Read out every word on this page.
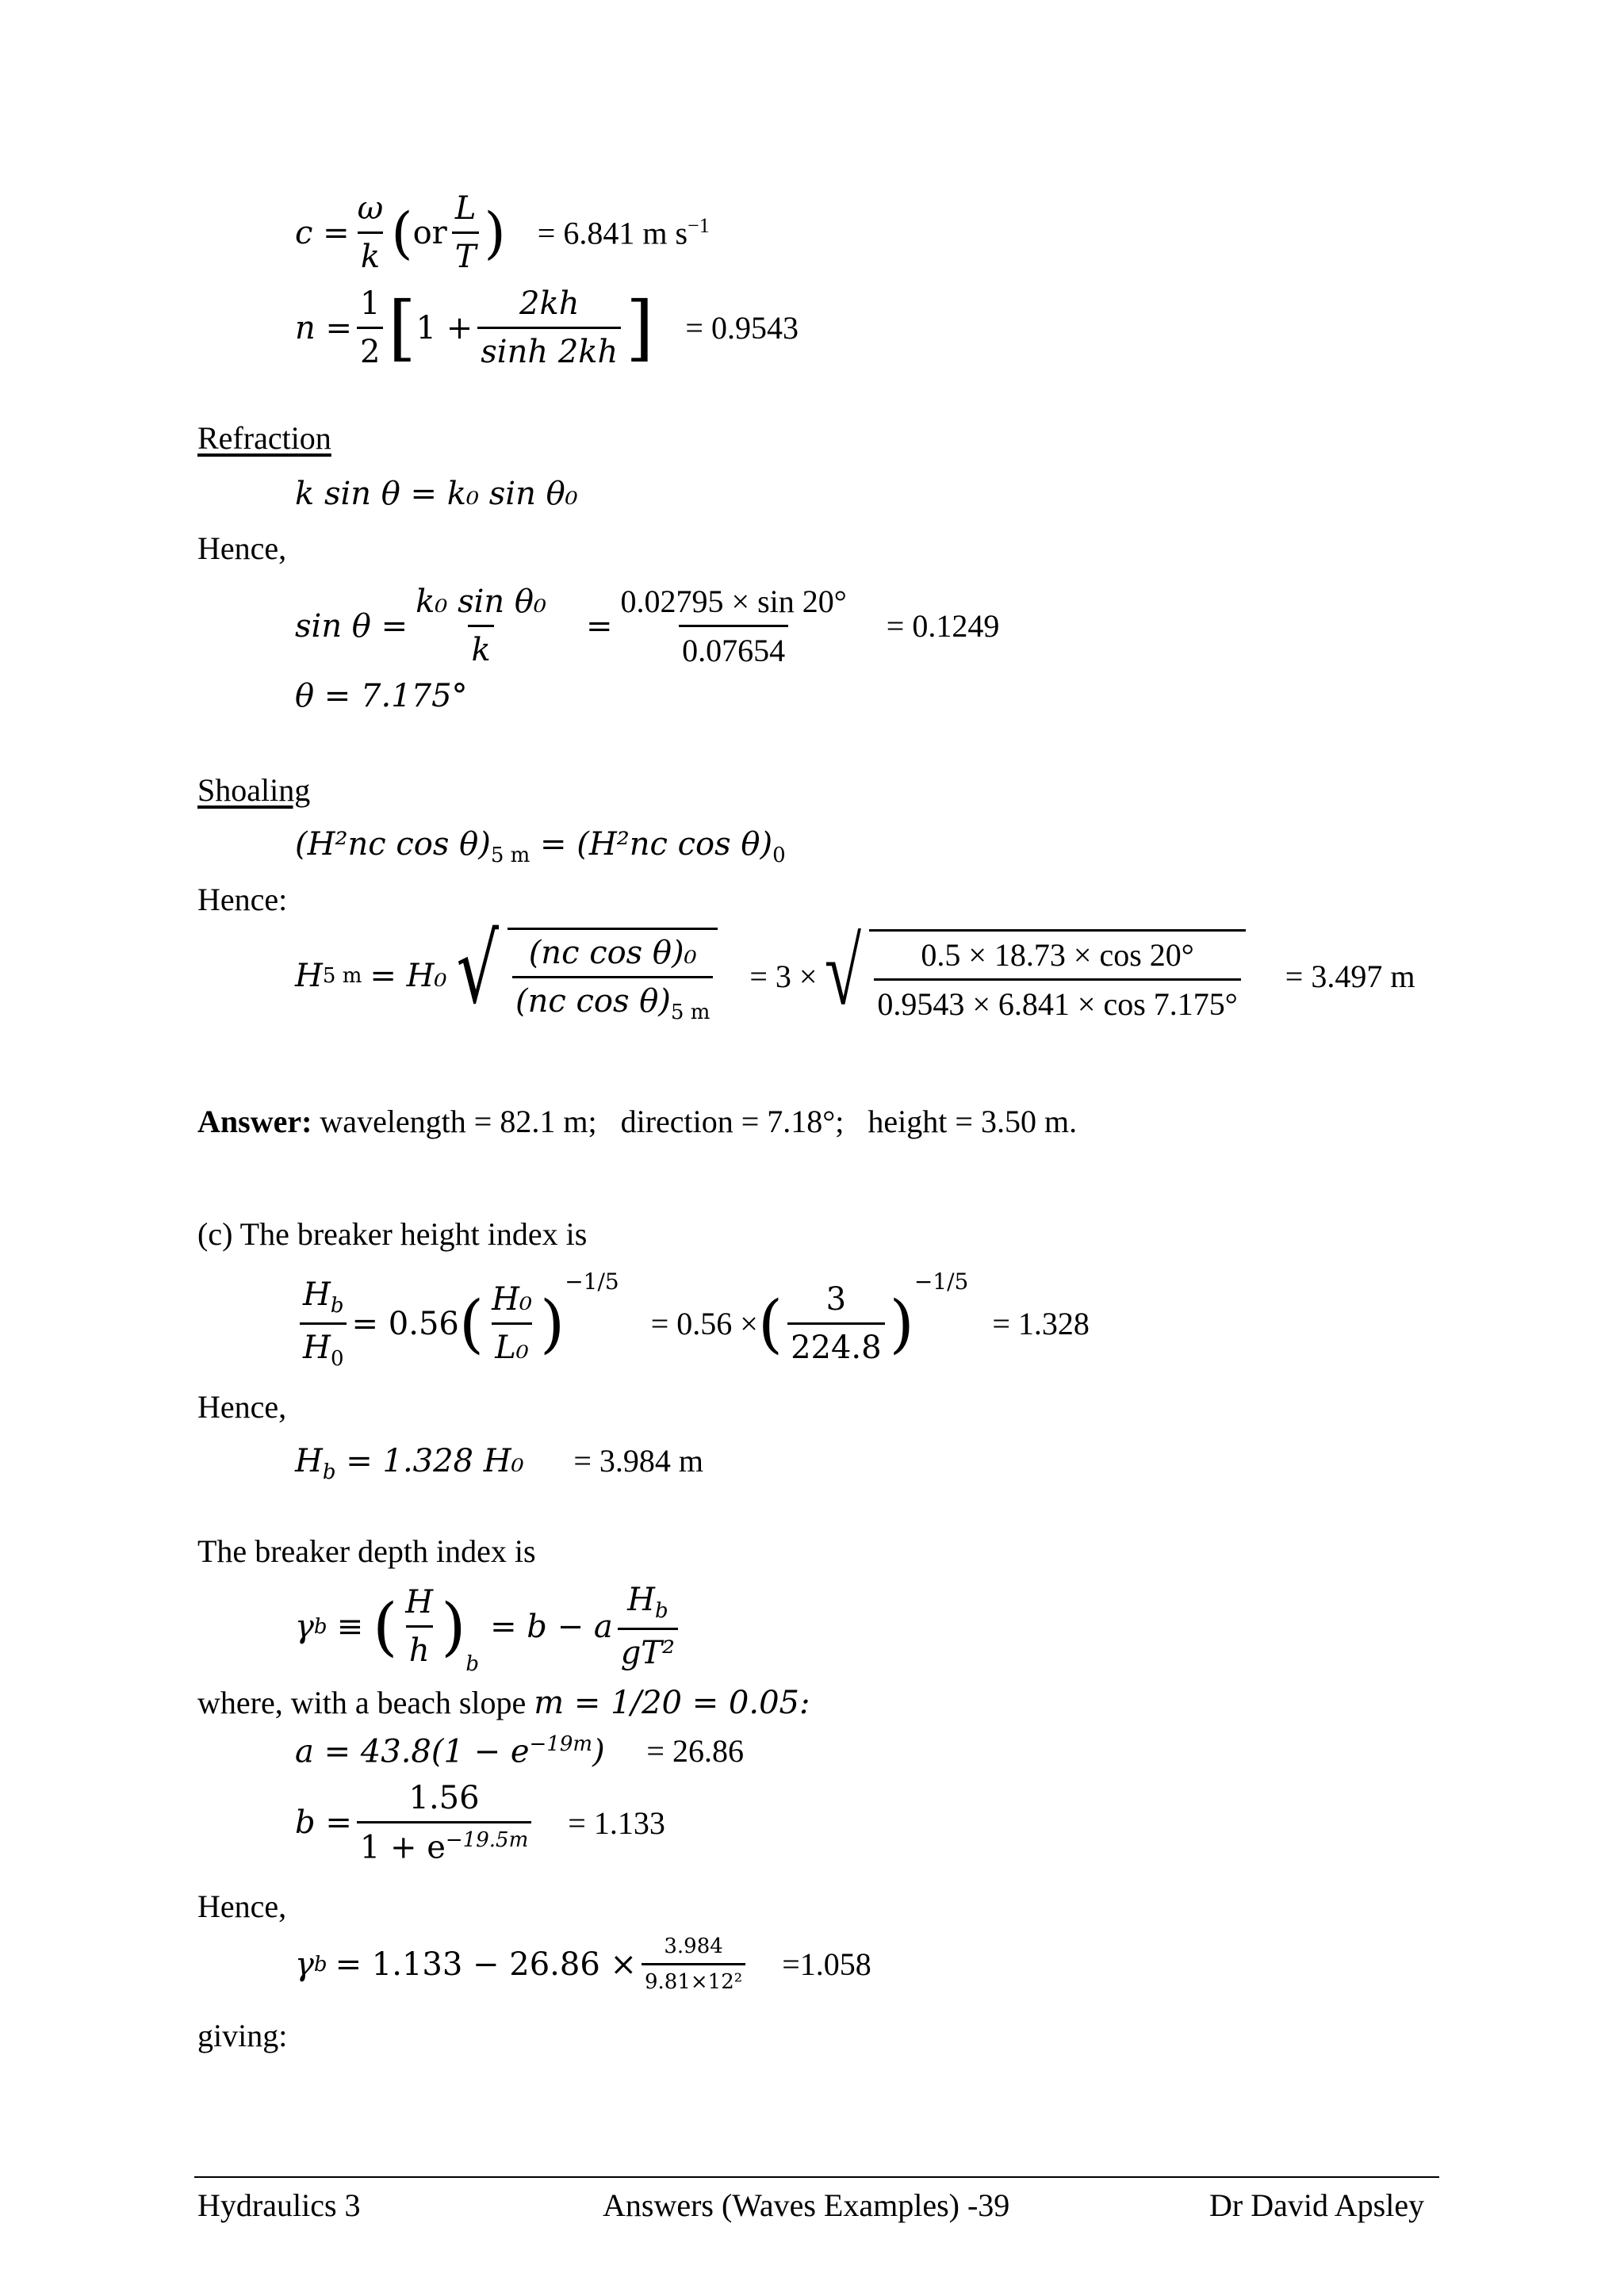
$c = \frac{\omega}{k}$ ( or $\frac{L}{T}$ ) = 6.841 m $s^{-1}$
$n = \frac{1}{2}$ [ $1 + \frac{2kh}{\sinh 2kh}$ ] = 0.9543
Refraction
k sin θ = k₀ sin θ₀
Hence,
$\sin \theta = \frac{\text{k₀ sin θ₀}}{k} = \frac{0.02795 \times \sin 20^\circ}{0.07654} = 0.1249$
θ = 7.175°
Shoaling
(H²nc $\cos \theta)_{5 m} = (H^2nc$ $\cos \theta)_0$
Hence:
H 5 m = H₀ √ $\frac{\text{(nc cos θ)₀}}{(nc \cos \theta)_{5 m}} = 3$ × √ $\frac{0.5 \times 18.73 \times \cos 20^\circ}{0.9543 \times 6.841 \times \cos 7.175^\circ} = 3.497$ m
Answer: wavelength = 82.1 m;   direction = 7.18°;   height = 3.50 m.
(c) The breaker height index is
$\frac{H_b}{H_0} = 0.56$ ( $\frac{\text{H₀}}{\text{L₀}}$ )
−1/5
= 0.56 × ( $\frac{3}{224.8}$ )
−1/5
= 1.328
Hence,
$H_b = 1.328$ H₀ = 3.984 m
The breaker depth index is
γ b ≡ ( $\frac{H}{h}$ )
$_b$
= b − a $\frac{H_b}{\text{gT²}}$
where, with a beach slope m = 1/20 = 0.05:
$a = 43.8(1 - e^{-19m}) = 26.86$
$b = \frac{1.56}{1 + e^{-19.5m}} = 1.133$
Hence,
γ $b = 1.133 - 26.86 \times \frac{3.984}{\text{9.81×12²}} =1.058$
giving:
Hydraulics 3	Answers (Waves Examples) -39	Dr David Apsley
